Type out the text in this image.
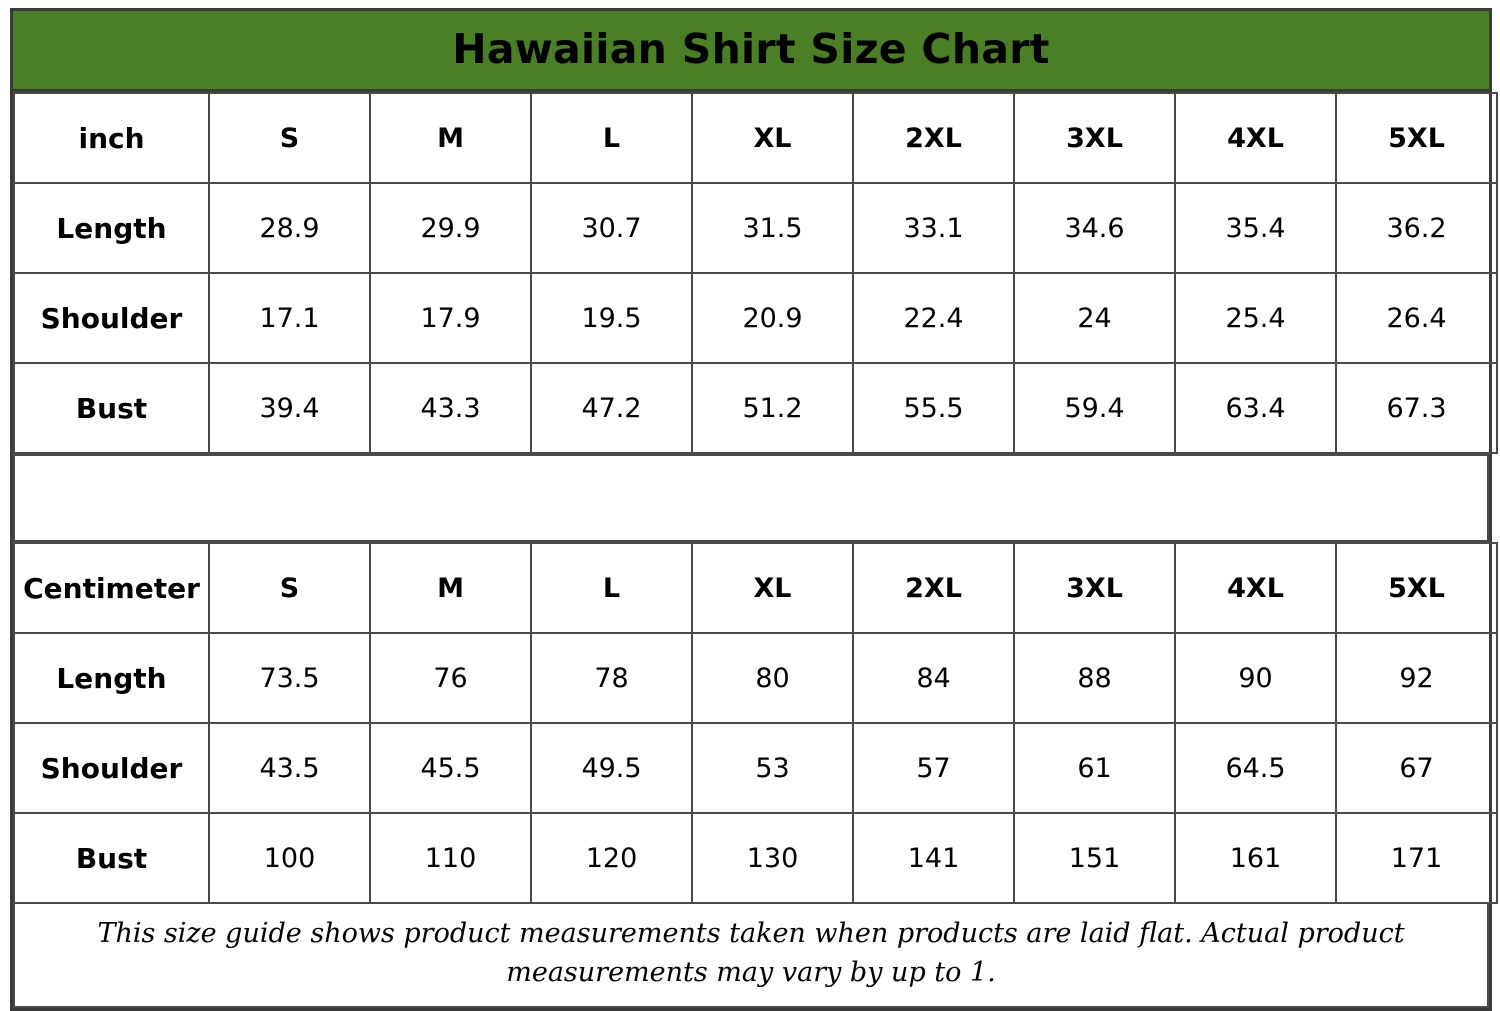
Hawaiian Shirt Size Chart
inch	S	M	L	XL	2XL	3XL	4XL	5XL
Length	28.9	29.9	30.7	31.5	33.1	34.6	35.4	36.2
Shoulder	17.1	17.9	19.5	20.9	22.4	24	25.4	26.4
Bust	39.4	43.3	47.2	51.2	55.5	59.4	63.4	67.3
Centimeter	S	M	L	XL	2XL	3XL	4XL	5XL
Length	73.5	76	78	80	84	88	90	92
Shoulder	43.5	45.5	49.5	53	57	61	64.5	67
Bust	100	110	120	130	141	151	161	171
This size guide shows product measurements taken when products are laid flat. Actual product measurements may vary by up to 1.
